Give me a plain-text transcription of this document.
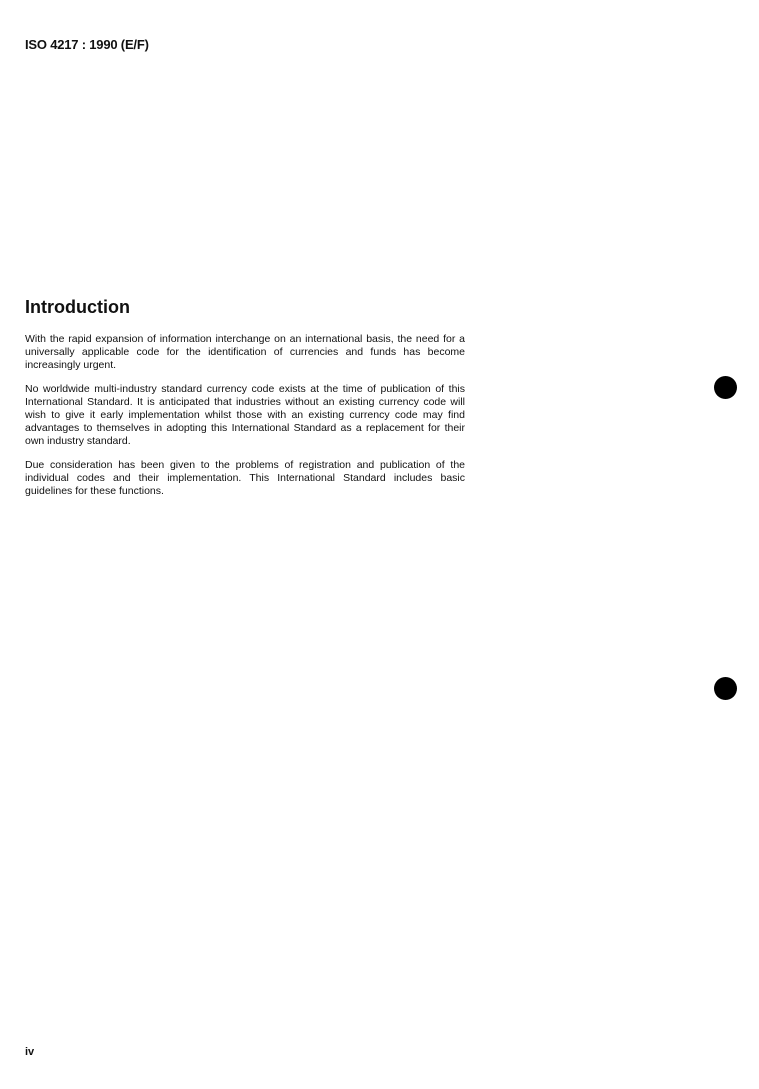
ISO 4217 : 1990 (E/F)
Introduction

With the rapid expansion of information interchange on an international basis, the need for a universally applicable code for the identification of currencies and funds has become increasingly urgent.

No worldwide multi-industry standard currency code exists at the time of publication of this International Standard. It is anticipated that industries without an existing currency code will wish to give it early implementation whilst those with an existing currency code may find advantages to themselves in adopting this International Standard as a replacement for their own industry standard.

Due consideration has been given to the problems of registration and publication of the individual codes and their implementation. This International Standard includes basic guidelines for these functions.

iv
